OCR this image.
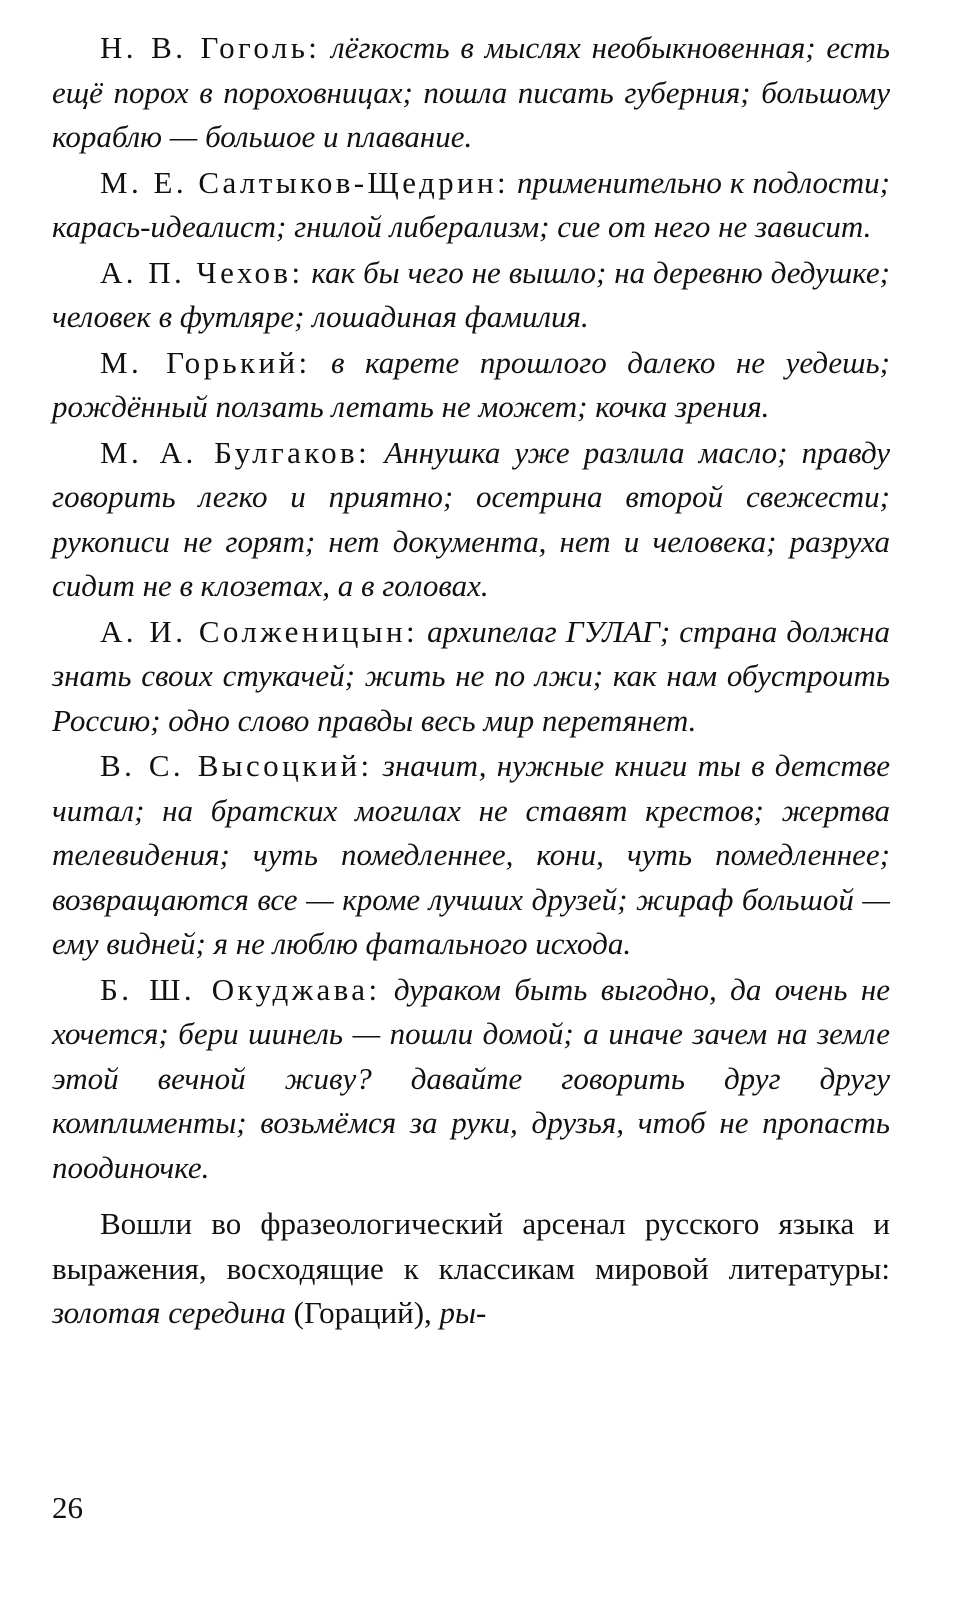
Н. В. Гоголь: лёгкость в мыслях необыкновенная; есть ещё порох в пороховницах; пошла писать губерния; большому кораблю — большое и плавание.

М. Е. Салтыков-Щедрин: применительно к подлости; карась-идеалист; гнилой либерализм; сие от него не зависит.

А. П. Чехов: как бы чего не вышло; на деревню дедушке; человек в футляре; лошадиная фамилия.

М. Горький: в карете прошлого далеко не уедешь; рождённый ползать летать не может; кочка зрения.

М. А. Булгаков: Аннушка уже разлила масло; правду говорить легко и приятно; осетрина второй свежести; рукописи не горят; нет документа, нет и человека; разруха сидит не в клозетах, а в головах.

А. И. Солженицын: архипелаг ГУЛАГ; страна должна знать своих стукачей; жить не по лжи; как нам обустроить Россию; одно слово правды весь мир перетянет.

В. С. Высоцкий: значит, нужные книги ты в детстве читал; на братских могилах не ставят крестов; жертва телевидения; чуть помедленнее, кони, чуть помедленнее; возвращаются все — кроме лучших друзей; жираф большой — ему видней; я не люблю фатального исхода.

Б. Ш. Окуджава: дураком быть выгодно, да очень не хочется; бери шинель — пошли домой; а иначе зачем на земле этой вечной живу? давайте говорить друг другу комплименты; возьмёмся за руки, друзья, чтоб не пропасть поодиночке.

Вошли во фразеологический арсенал русского языка и выражения, восходящие к классикам мировой литературы: золотая середина (Гораций), ры-

26
